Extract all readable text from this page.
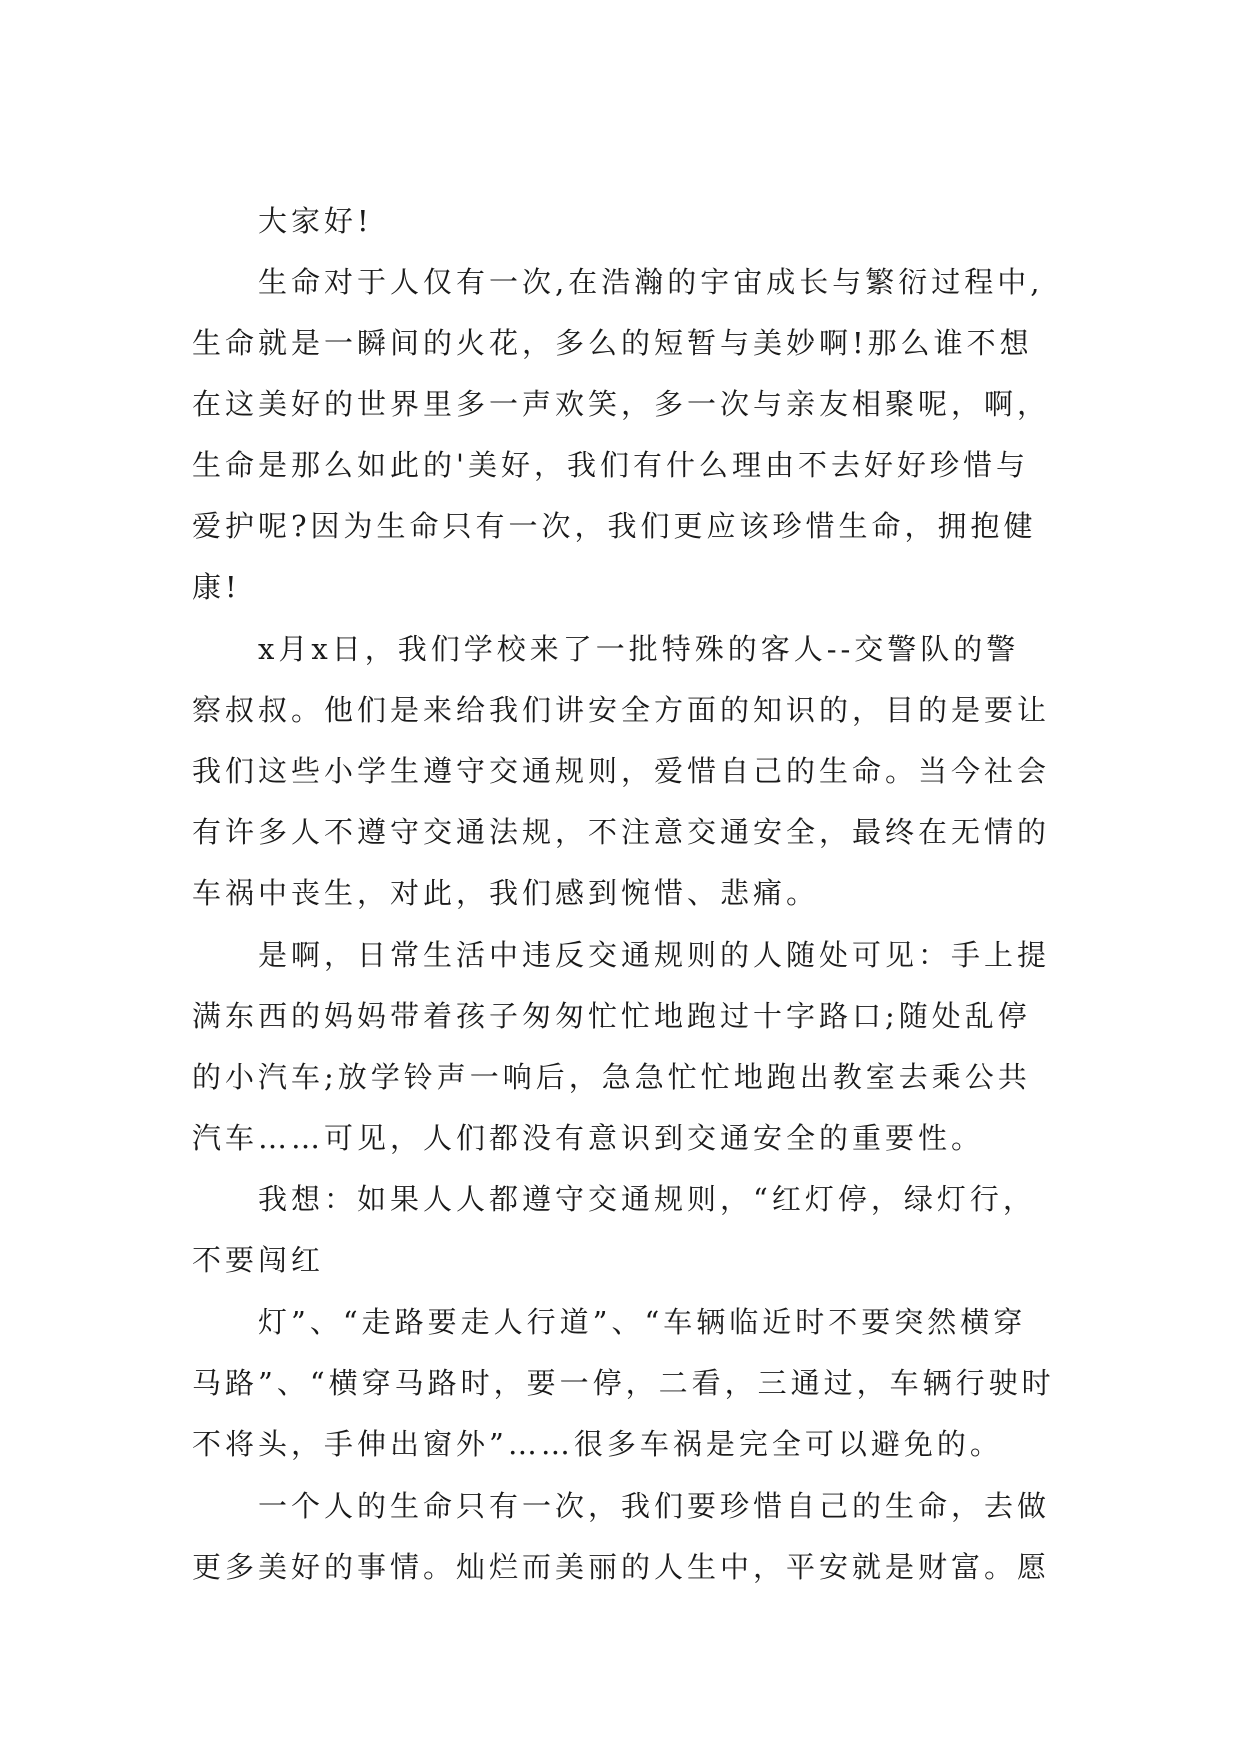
大家好!
生命对于人仅有一次,在浩瀚的宇宙成长与繁衍过程中,
生命就是一瞬间的火花，多么的短暂与美妙啊!那么谁不想
在这美好的世界里多一声欢笑，多一次与亲友相聚呢，啊，
生命是那么如此的'美好，我们有什么理由不去好好珍惜与
爱护呢?因为生命只有一次，我们更应该珍惜生命，拥抱健
康!
x月x日，我们学校来了一批特殊的客人--交警队的警
察叔叔。他们是来给我们讲安全方面的知识的，目的是要让
我们这些小学生遵守交通规则，爱惜自己的生命。当今社会
有许多人不遵守交通法规，不注意交通安全，最终在无情的
车祸中丧生，对此，我们感到惋惜、悲痛。
是啊，日常生活中违反交通规则的人随处可见：手上提
满东西的妈妈带着孩子匆匆忙忙地跑过十字路口;随处乱停
的小汽车;放学铃声一响后，急急忙忙地跑出教室去乘公共
汽车……可见，人们都没有意识到交通安全的重要性。
我想：如果人人都遵守交通规则，“红灯停，绿灯行，
不要闯红
灯”、“走路要走人行道”、“车辆临近时不要突然横穿
马路”、“横穿马路时，要一停，二看，三通过，车辆行驶时
不将头，手伸出窗外”……很多车祸是完全可以避免的。
一个人的生命只有一次，我们要珍惜自己的生命，去做
更多美好的事情。灿烂而美丽的人生中，平安就是财富。愿
